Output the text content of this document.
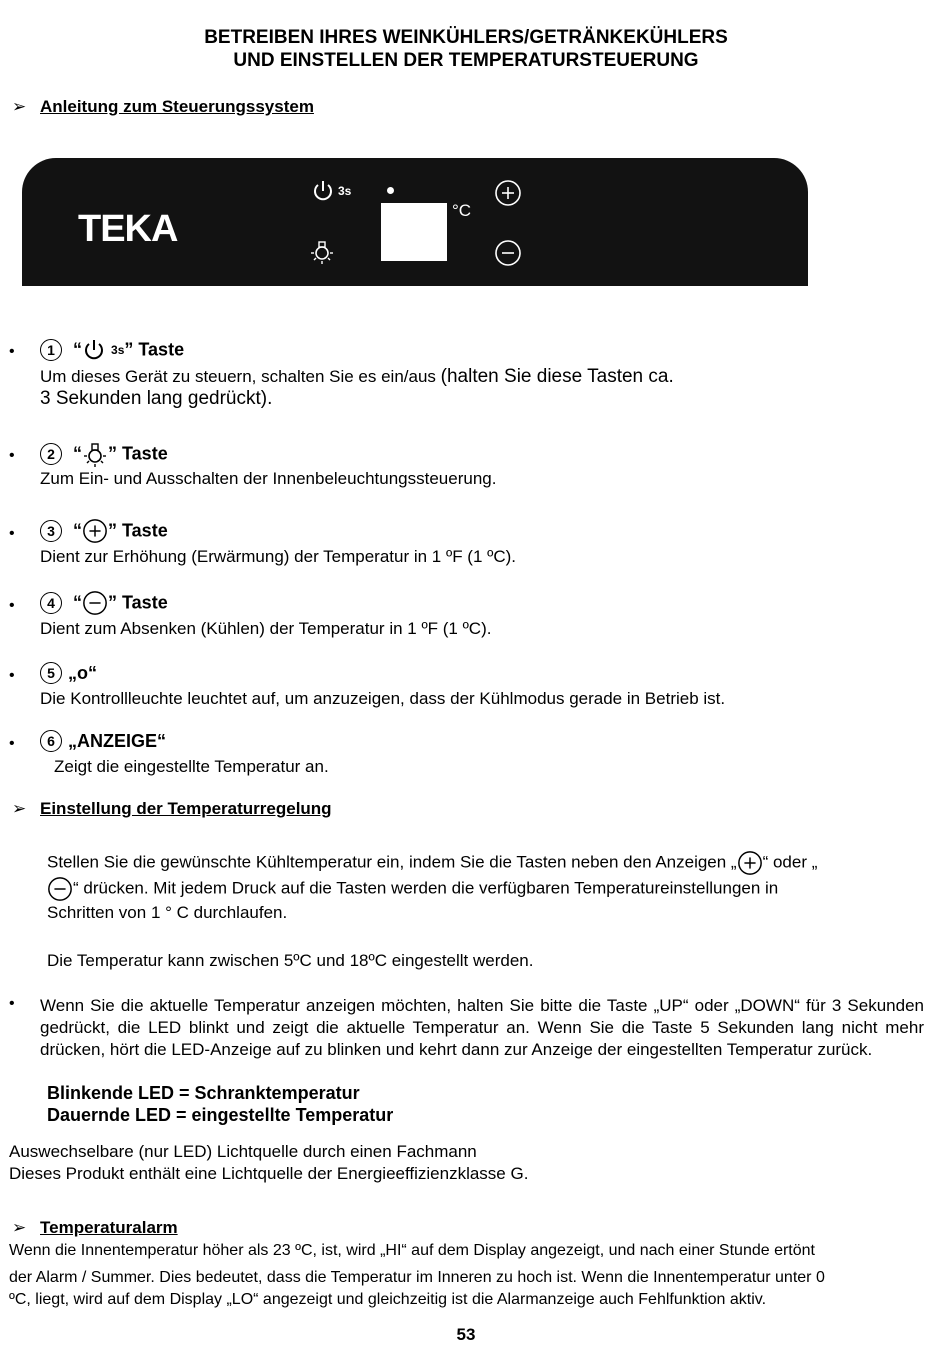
BETREIBEN IHRES WEINKÜHLERS/GETRÄNKEKÜHLERS
UND EINSTELLEN DER TEMPERATURSTEUERUNG
➢ Anleitung zum Steuerungssystem
TEKA
3s
°C
•	1 “ 3s” Taste
Um dieses Gerät zu steuern, schalten Sie es ein/aus (halten Sie diese Tasten ca.
3 Sekunden lang gedrückt).
•	2 “ ” Taste
Zum Ein- und Ausschalten der Innenbeleuchtungssteuerung.
•	3 “ ” Taste
Dient zur Erhöhung (Erwärmung) der Temperatur in 1 ºF (1 ºC).
•	4 “ ” Taste
Dient zum Absenken (Kühlen) der Temperatur in 1 ºF (1 ºC).
•	5 „o“
Die Kontrollleuchte leuchtet auf, um anzuzeigen, dass der Kühlmodus gerade in Betrieb ist.
•	6 „ANZEIGE“
Zeigt die eingestellte Temperatur an.
➢ Einstellung der Temperaturregelung
Stellen Sie die gewünschte Kühltemperatur ein, indem Sie die Tasten neben den Anzeigen „ “ oder „
“ drücken. Mit jedem Druck auf die Tasten werden die verfügbaren Temperatureinstellungen in
Schritten von 1 ° C durchlaufen.
Die Temperatur kann zwischen 5ºC und 18ºC eingestellt werden.
• Wenn Sie die aktuelle Temperatur anzeigen möchten, halten Sie bitte die Taste „UP“ oder „DOWN“ für 3 Sekunden gedrückt, die LED blinkt und zeigt die aktuelle Temperatur an. Wenn Sie die Taste 5 Sekunden lang nicht mehr drücken, hört die LED-Anzeige auf zu blinken und kehrt dann zur Anzeige der eingestellten Temperatur zurück.
Blinkende LED = Schranktemperatur
Dauernde LED = eingestellte Temperatur
Auswechselbare (nur LED) Lichtquelle durch einen Fachmann
Dieses Produkt enthält eine Lichtquelle der Energieeffizienzklasse G.
➢ Temperaturalarm
Wenn die Innentemperatur höher als 23 ºC, ist, wird „HI“ auf dem Display angezeigt, und nach einer Stunde ertönt
der Alarm / Summer. Dies bedeutet, dass die Temperatur im Inneren zu hoch ist. Wenn die Innentemperatur unter 0
ºC, liegt, wird auf dem Display „LO“ angezeigt und gleichzeitig ist die Alarmanzeige auch Fehlfunktion aktiv.
53
